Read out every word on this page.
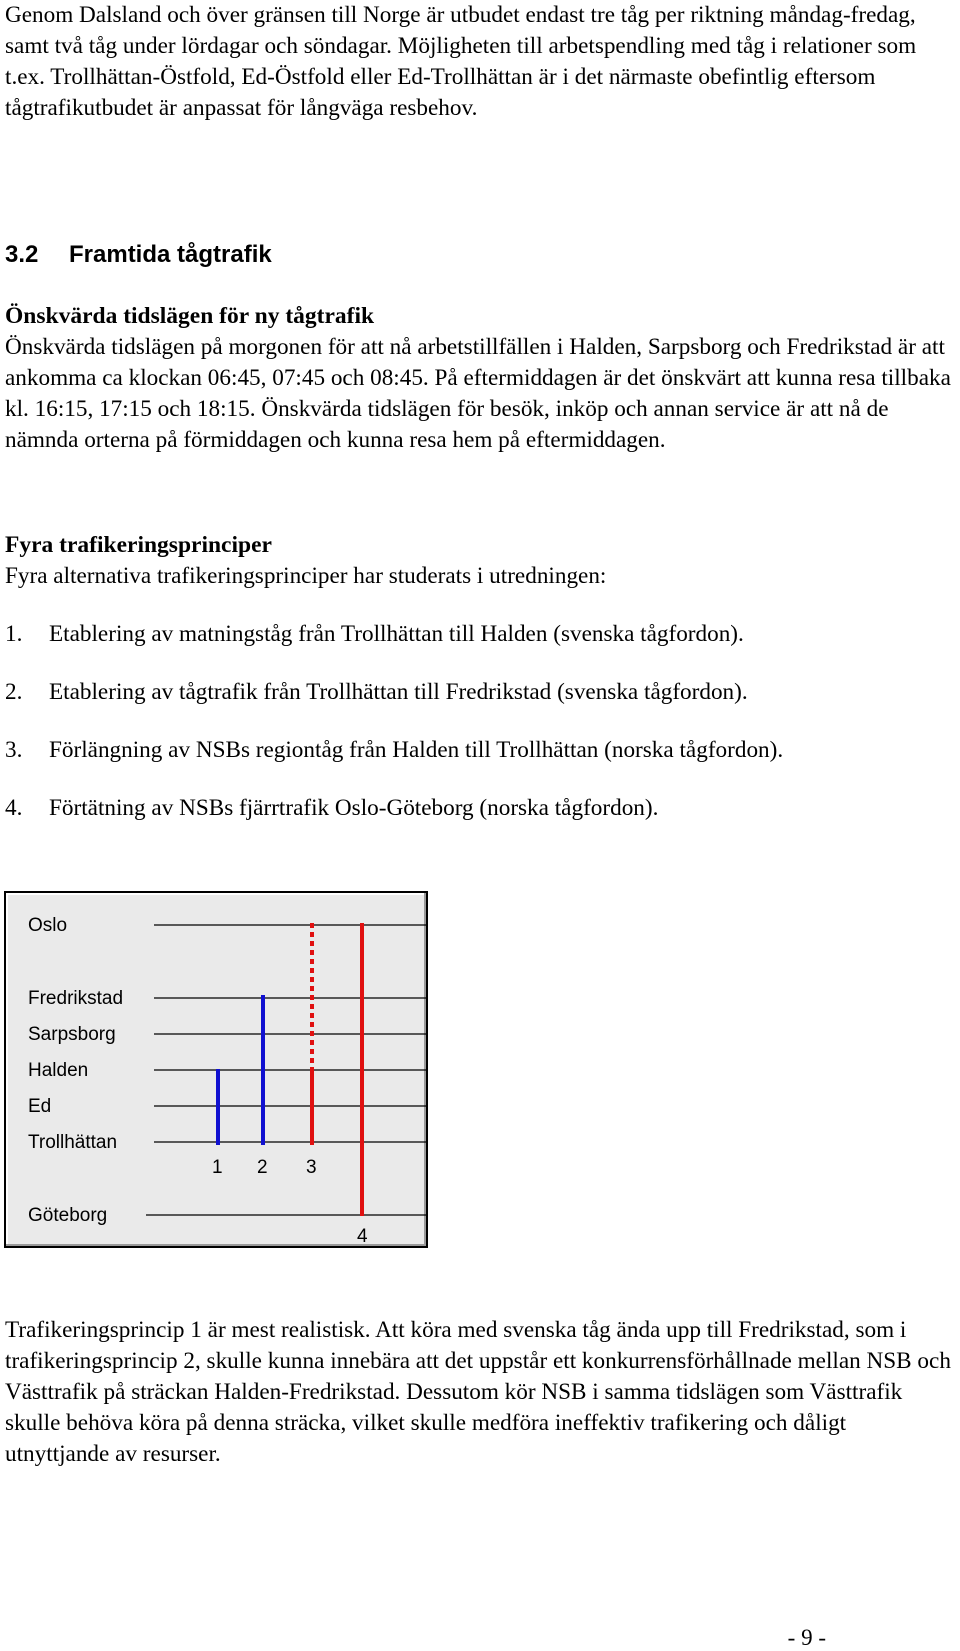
Genom Dalsland och över gränsen till Norge är utbudet endast tre tåg per riktning måndag-fredag, samt två tåg under lördagar och söndagar. Möjligheten till arbetspendling med tåg i relationer som t.ex. Trollhättan-Östfold, Ed-Östfold eller Ed-Trollhättan är i det närmaste obefintlig eftersom tågtrafikutbudet är anpassat för långväga resbehov.

3.2 Framtida tågtrafik
Önskvärda tidslägen för ny tågtrafik

Önskvärda tidslägen på morgonen för att nå arbetstillfällen i Halden, Sarpsborg och Fredrikstad är att ankomma ca klockan 06:45, 07:45 och 08:45. På eftermiddagen är det önskvärt att kunna resa tillbaka kl. 16:15, 17:15 och 18:15. Önskvärda tidslägen för besök, inköp och annan service är att nå de nämnda orterna på förmiddagen och kunna resa hem på eftermiddagen.

Fyra trafikeringsprinciper

Fyra alternativa trafikeringsprinciper har studerats i utredningen:

1. Etablering av matningståg från Trollhättan till Halden (svenska tågfordon).

2. Etablering av tågtrafik från Trollhättan till Fredrikstad (svenska tågfordon).

3. Förlängning av NSBs regiontåg från Halden till Trollhättan (norska tågfordon).

4. Förtätning av NSBs fjärrtrafik Oslo-Göteborg (norska tågfordon).

Oslo
Fredrikstad
Sarpsborg
Halden
Ed
Trollhättan
Göteborg
1 2 3
4

Trafikeringsprincip 1 är mest realistisk. Att köra med svenska tåg ända upp till Fredrikstad, som i trafikeringsprincip 2, skulle kunna innebära att det uppstår ett konkurrensförhållnade mellan NSB och Västtrafik på sträckan Halden-Fredrikstad. Dessutom kör NSB i samma tidslägen som Västtrafik skulle behöva köra på denna sträcka, vilket skulle medföra ineffektiv trafikering och dåligt utnyttjande av resurser.

- 9 -
